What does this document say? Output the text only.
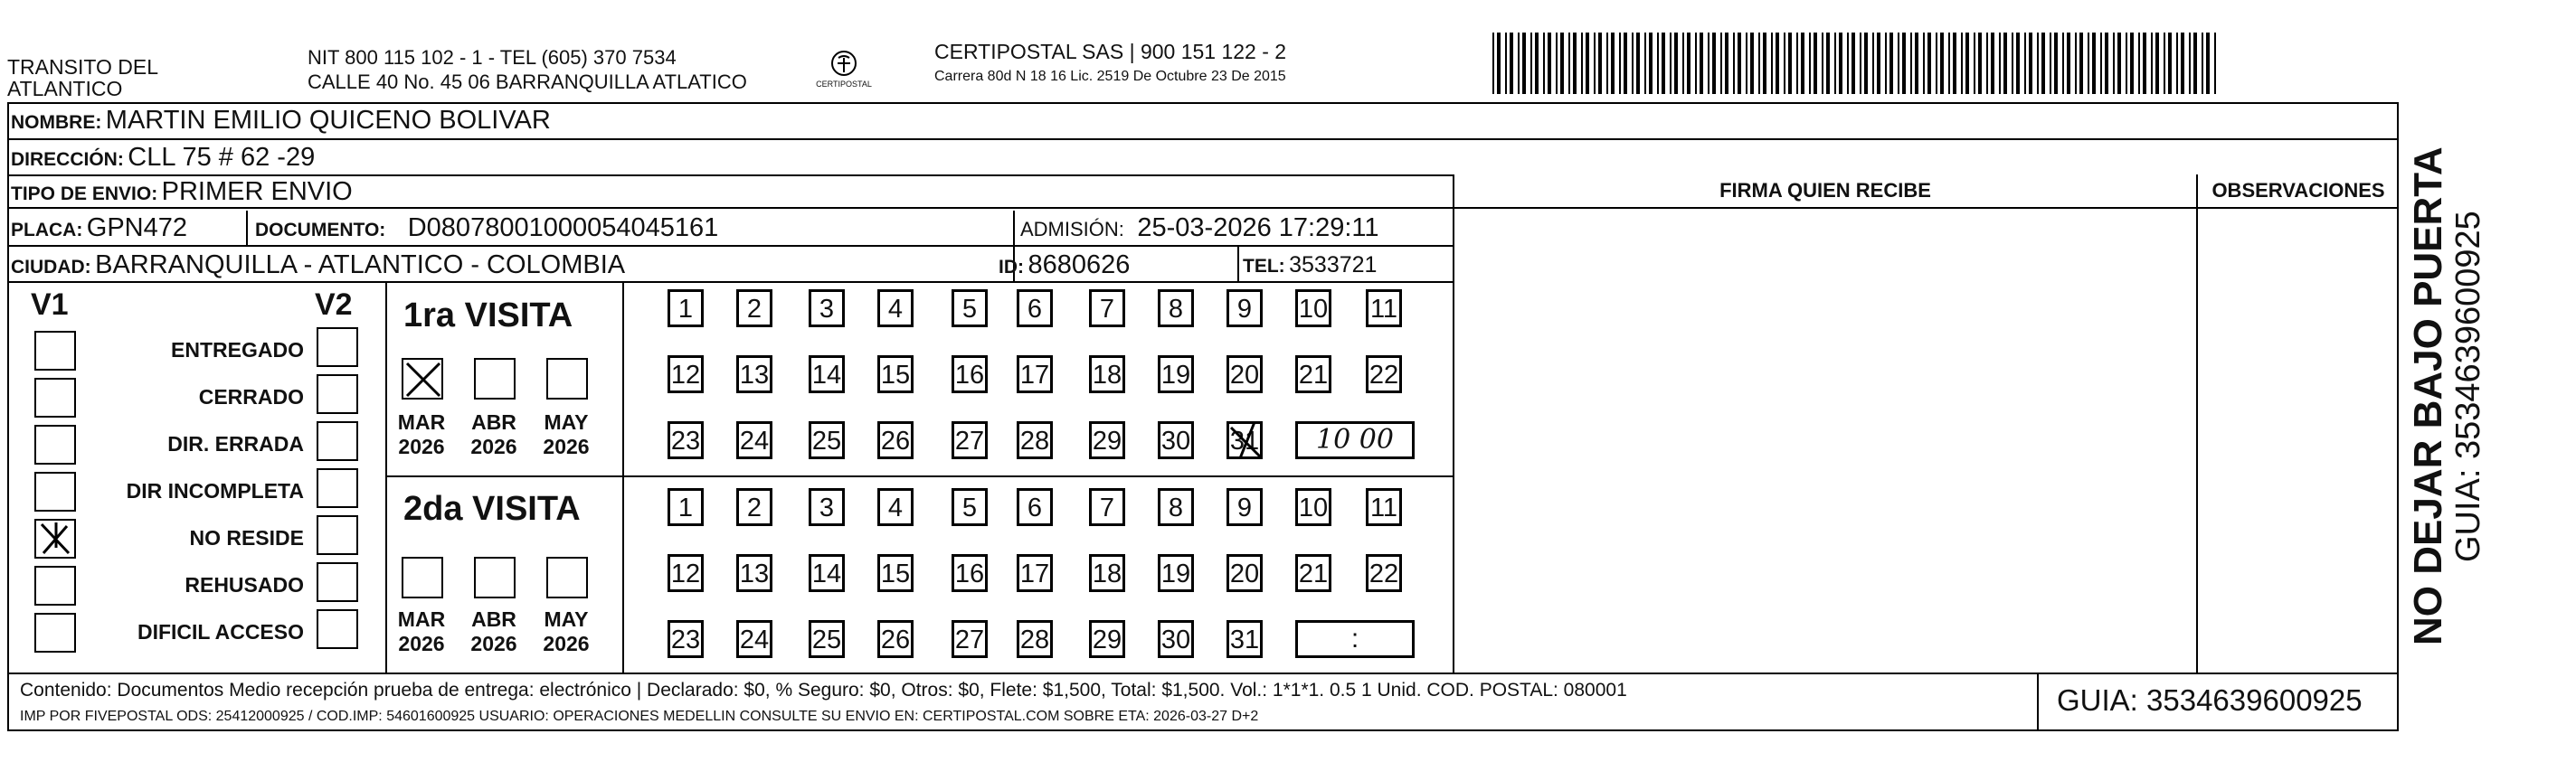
TRANSITO DEL
ATLANTICO
NIT 800 115 102 - 1 - TEL (605) 370 7534
CALLE 40 No. 45 06 BARRANQUILLA ATLATICO	CERTIPOSTAL
CERTIPOSTAL SAS | 900 151 122 - 2
Carrera 80d N 18 16 Lic. 2519 De Octubre 23 De 2015
NOMBRE: MARTIN EMILIO QUICENO BOLIVAR
DIRECCIÓN: CLL 75 # 62 -29
TIPO DE ENVIO: PRIMER ENVIO
PLACA: GPN472	DOCUMENTO: D08078001000054045161	ADMISIÓN: 25-03-2026 17:29:11
CIUDAD: BARRANQUILLA - ATLANTICO - COLOMBIA	ID: 8680626	TEL: 3533721
FIRMA QUIEN RECIBE	OBSERVACIONES
V1	V2
ENTREGADO
CERRADO
DIR. ERRADA
DIR INCOMPLETA
NO RESIDE
REHUSADO
DIFICIL ACCESO
1ra VISITA
MAR
2026
ABR
2026
MAY
2026
1	2	3	4	5	6	7	8	9	10 11
12 13 14 15 16 17 18 19 20 21 22
23 24 25 26 27 28 29 30 31	10 00
2da VISITA
MAR
2026
ABR
2026
MAY
2026
1	2	3	4	5	6	7	8	9	10 11
12 13 14 15 16 17 18 19 20 21 22
23 24 25 26 27 28 29 30 31	:
Contenido: Documentos Medio recepción prueba de entrega: electrónico | Declarado: $0, % Seguro: $0, Otros: $0, Flete: $1,500, Total: $1,500. Vol.: 1*1*1. 0.5 1 Unid. COD. POSTAL: 080001
IMP POR FIVEPOSTAL ODS: 25412000925 / COD.IMP: 54601600925 USUARIO: OPERACIONES MEDELLIN CONSULTE SU ENVIO EN: CERTIPOSTAL.COM SOBRE ETA: 2026-03-27 D+2	GUIA: 3534639600925
NO DEJAR BAJO PUERTA GUIA: 3534639600925
